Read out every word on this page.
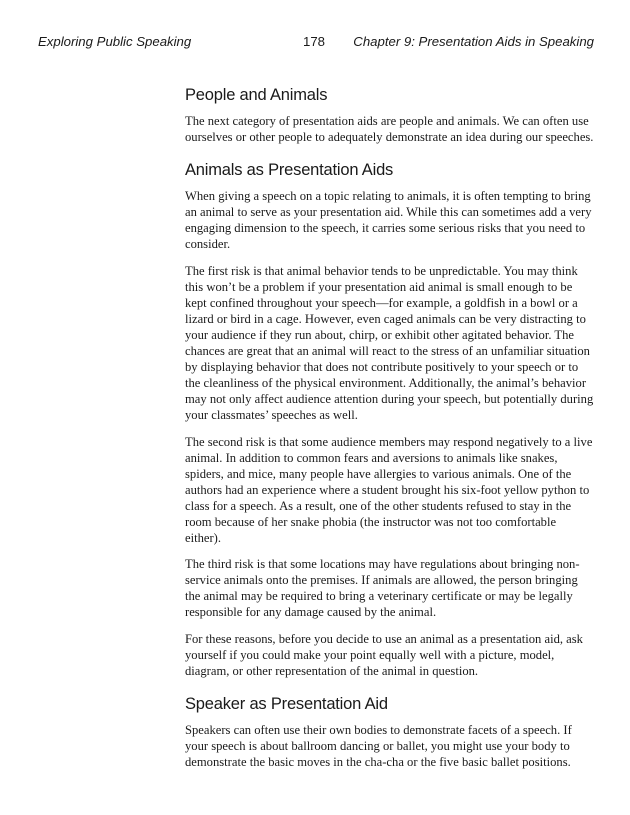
Exploring Public Speaking	178 Chapter 9: Presentation Aids in Speaking
People and Animals

The next category of presentation aids are people and animals. We can often use ourselves or other people to adequately demonstrate an idea during our speeches.

Animals as Presentation Aids

When giving a speech on a topic relating to animals, it is often tempting to bring an animal to serve as your presentation aid. While this can sometimes add a very engaging dimension to the speech, it carries some serious risks that you need to consider.

The first risk is that animal behavior tends to be unpredictable. You may think this won’t be a problem if your presentation aid animal is small enough to be kept confined throughout your speech—for example, a goldfish in a bowl or a lizard or bird in a cage. However, even caged animals can be very distracting to your audience if they run about, chirp, or exhibit other agitated behavior. The chances are great that an animal will react to the stress of an unfamiliar situation by displaying behavior that does not contribute positively to your speech or to the cleanliness of the physical environment. Additionally, the animal’s behavior may not only affect audience attention during your speech, but potentially during your classmates’ speeches as well.

The second risk is that some audience members may respond negatively to a live animal. In addition to common fears and aversions to animals like snakes, spiders, and mice, many people have allergies to various animals. One of the authors had an experience where a student brought his six-foot yellow python to class for a speech. As a result, one of the other students refused to stay in the room because of her snake phobia (the instructor was not too comfortable either).

The third risk is that some locations may have regulations about bringing non-service animals onto the premises. If animals are allowed, the person bringing the animal may be required to bring a veterinary certificate or may be legally responsible for any damage caused by the animal.

For these reasons, before you decide to use an animal as a presentation aid, ask yourself if you could make your point equally well with a picture, model, diagram, or other representation of the animal in question.

Speaker as Presentation Aid

Speakers can often use their own bodies to demonstrate facets of a speech. If your speech is about ballroom dancing or ballet, you might use your body to demonstrate the basic moves in the cha-cha or the five basic ballet positions.
